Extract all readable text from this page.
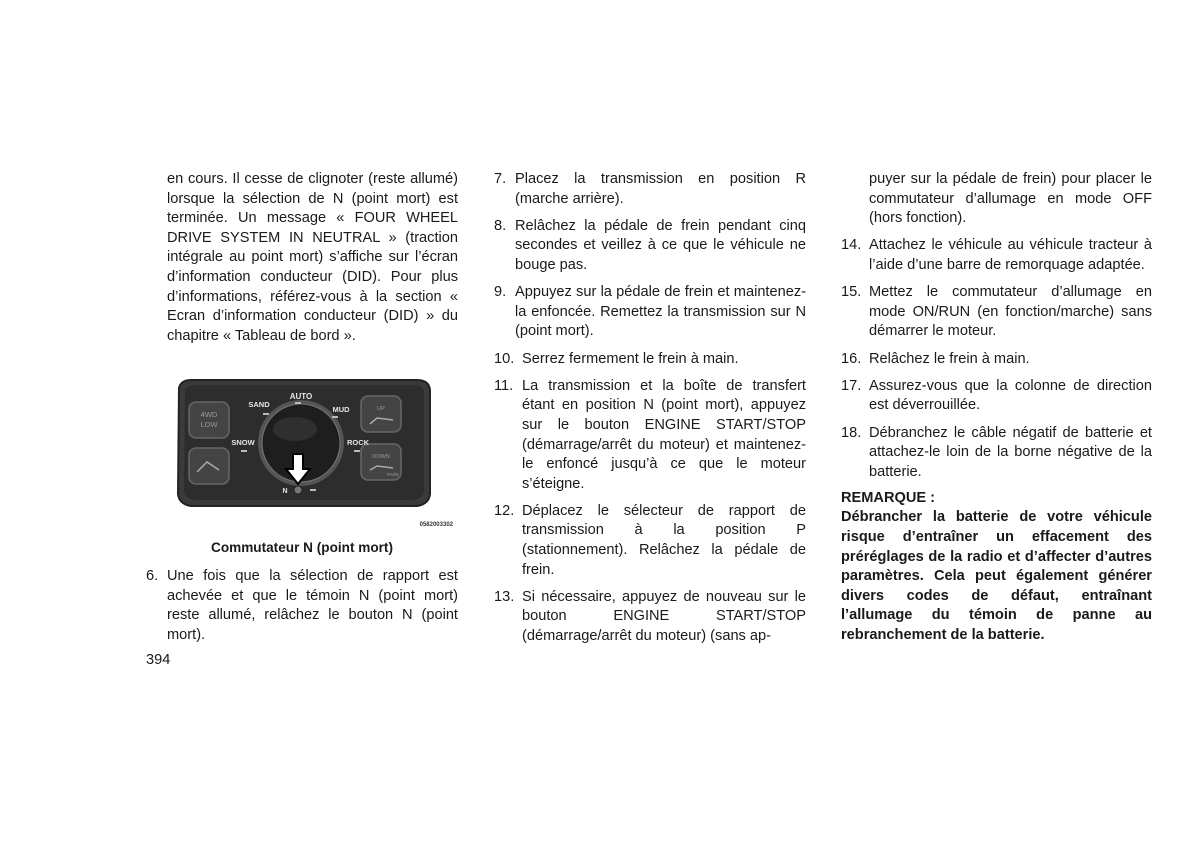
en cours. Il cesse de clignoter (reste allumé) lorsque la sélection de N (point mort) est terminée. Un message « FOUR WHEEL DRIVE SYSTEM IN NEUTRAL » (traction intégrale au point mort) s’affiche sur l’écran d’information conducteur (DID). Pour plus d’informations, référez-vous à la section « Ecran d’information conducteur (DID) » du chapitre « Tableau de bord ».

4WD
LOW
UP
DOWN
PARK
AUTO
SAND
MUD
SNOW	ROCK
N
0582003302
Commutateur N (point mort)
6. Une fois que la sélection de rapport est achevée et que le témoin N (point mort) reste allumé, relâchez le bouton N (point mort).
394
7. Placez la transmission en position R (marche arrière).
8. Relâchez la pédale de frein pendant cinq secondes et veillez à ce que le véhicule ne bouge pas.
9. Appuyez sur la pédale de frein et maintenez-la enfoncée. Remettez la transmission sur N (point mort).
10. Serrez fermement le frein à main.
11. La transmission et la boîte de transfert étant en position N (point mort), appuyez sur le bouton ENGINE START/STOP (démarrage/arrêt du moteur) et maintenez-le enfoncé jusqu’à ce que le moteur s’éteigne.
12. Déplacez le sélecteur de rapport de transmission à la position P (stationnement). Relâchez la pédale de frein.
13. Si nécessaire, appuyez de nouveau sur le bouton ENGINE START/STOP (démarrage/arrêt du moteur) (sans ap-

puyer sur la pédale de frein) pour placer le commutateur d’allumage en mode OFF (hors fonction).

14. Attachez le véhicule au véhicule tracteur à l’aide d’une barre de remorquage adaptée.
15. Mettez le commutateur d’allumage en mode ON/RUN (en fonction/marche) sans démarrer le moteur.
16. Relâchez le frein à main.
17. Assurez-vous que la colonne de direction est déverrouillée.
18. Débranchez le câble négatif de batterie et attachez-le loin de la borne négative de la batterie.

REMARQUE :

Débrancher la batterie de votre véhicule risque d’entraîner un effacement des préréglages de la radio et d’affecter d’autres paramètres. Cela peut également générer divers codes de défaut, entraînant l’allumage du témoin de panne au rebranchement de la batterie.
